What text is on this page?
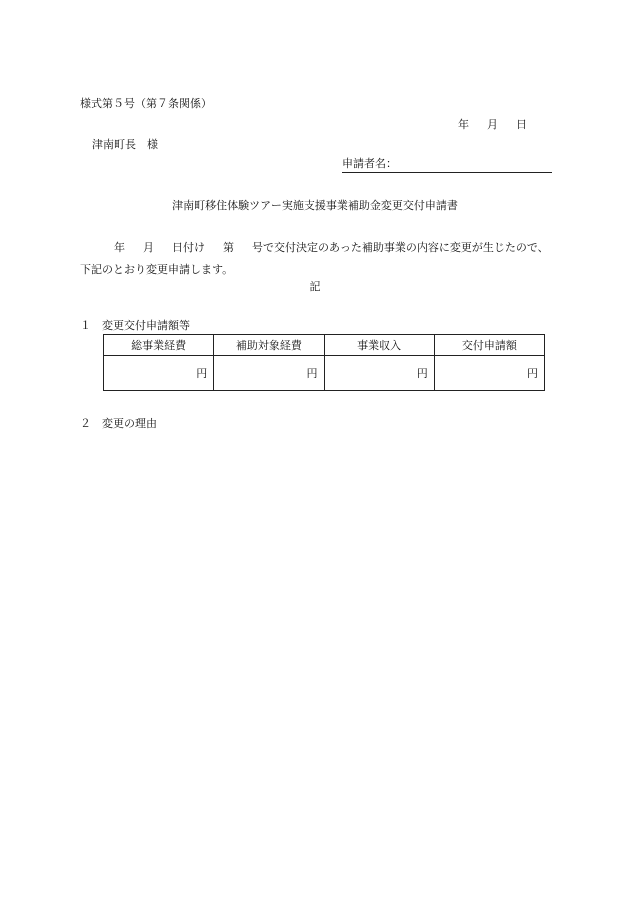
様式第５号（第７条関係）
年 月 日
津南町長　様
申請者名：
津南町移住体験ツアー実施支援事業補助金変更交付申請書
年 月 日付け 第 号で交付決定のあった補助事業の内容に変更が生じたので、下記のとおり変更申請します。
記
１ 変更交付申請額等
総事業経費	補助対象経費	事業収入	交付申請額
円	円	円	円
２ 変更の理由
